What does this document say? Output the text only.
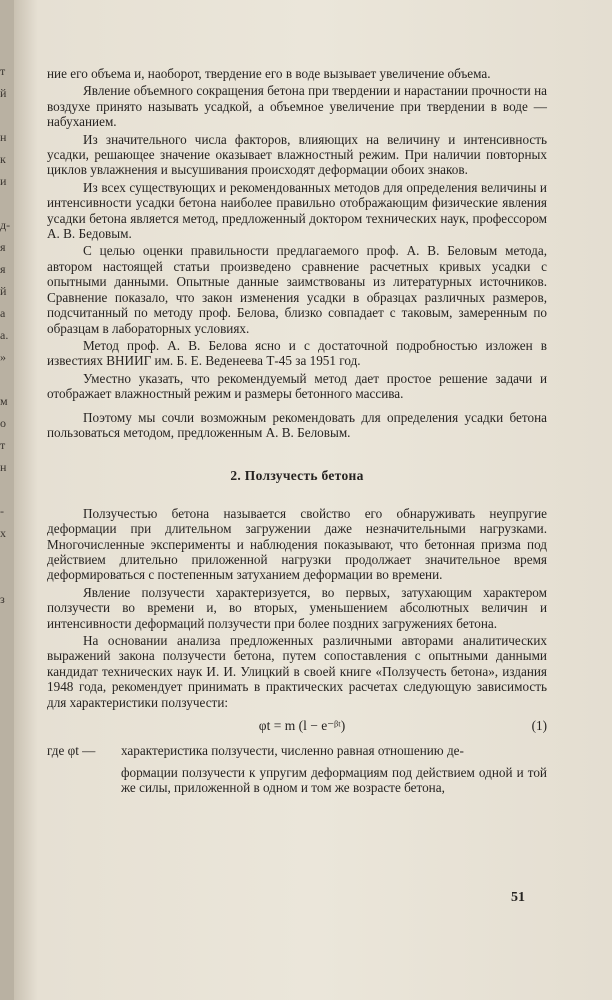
т
й
н
к
и
д-
я
я
й
а
а.
»
м
о
т
н
-
х
з

ние его объема и, наоборот, твердение его в воде вызывает увеличение объема.

Явление объемного сокращения бетона при твердении и нарастании прочности на воздухе принято называть усадкой, а объемное увеличение при твердении в воде — набуханием.

Из значительного числа факторов, влияющих на величину и интенсивность усадки, решающее значение оказывает влажностный режим. При наличии повторных циклов увлажнения и высушивания происходят деформации обоих знаков.

Из всех существующих и рекомендованных методов для определения величины и интенсивности усадки бетона наиболее правильно отображающим физические явления усадки бетона является метод, предложенный доктором технических наук, профессором А. В. Бедовым.

С целью оценки правильности предлагаемого проф. А. В. Беловым метода, автором настоящей статьи произведено сравнение расчетных кривых усадки с опытными данными. Опытные данные заимствованы из литературных источников. Сравнение показало, что закон изменения усадки в образцах различных размеров, подсчитанный по методу проф. Белова, близко совпадает с таковым, замеренным по образцам в лабораторных условиях.

Метод проф. А. В. Белова ясно и с достаточной подробностью изложен в известиях ВНИИГ им. Б. Е. Веденеева Т-45 за 1951 год.

Уместно указать, что рекомендуемый метод дает простое решение задачи и отображает влажностный режим и размеры бетонного массива.

Поэтому мы сочли возможным рекомендовать для определения усадки бетона пользоваться методом, предложенным А. В. Беловым.

2. Ползучесть бетона

Ползучестью бетона называется свойство его обнаруживать неупругие деформации при длительном загружении даже незначительными нагрузками. Многочисленные эксперименты и наблюдения показывают, что бетонная призма под действием длительно приложенной нагрузки продолжает значительное время деформироваться с постепенным затуханием деформации во времени.

Явление ползучести характеризуется, во первых, затухающим характером ползучести во времени и, во вторых, уменьшением абсолютных величин и интенсивности деформаций ползучести при более поздних загружениях бетона.

На основании анализа предложенных различными авторами аналитических выражений закона ползучести бетона, путем сопоставления с опытными данными кандидат технических наук И. И. Улицкий в своей книге «Ползучесть бетона», издания 1948 года, рекомендует принимать в практических расчетах следующую зависимость для характеристики ползучести:

φt = m (l − e⁻ᵝᵗ)	(1)
где φt —	характеристика ползучести, численно равная отношению де-

формации ползучести к упругим деформациям под действием одной и той же силы, приложенной в одном и том же возрасте бетона,

51
